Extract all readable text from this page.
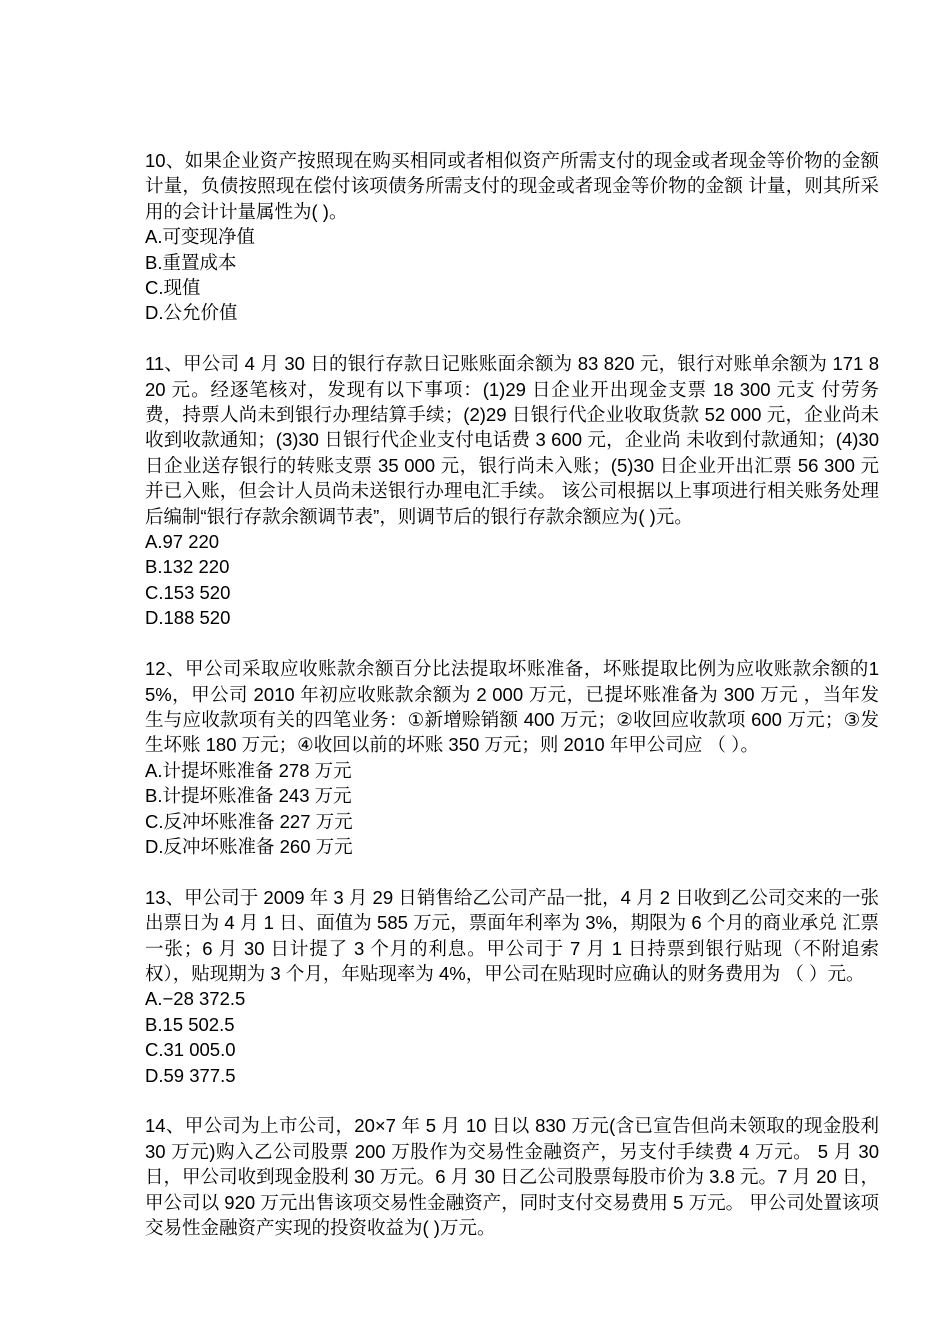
10、如果企业资产按照现在购买相同或者相似资产所需支付的现金或者现金等价物的金额计量，负债按照现在偿付该项债务所需支付的现金或者现金等价物的金额 计量，则其所采用的会计计量属性为( )。

A.可变现净值

B.重置成本

C.现值

D.公允价值

11、甲公司 4 月 30 日的银行存款日记账账面余额为 83 820 元，银行对账单余额为 171 820 元。经逐笔核对，发现有以下事项：(1)29 日企业开出现金支票 18 300 元支 付劳务费，持票人尚未到银行办理结算手续；(2)29 日银行代企业收取货款 52 000 元，企业尚未收到收款通知；(3)30 日银行代企业支付电话费 3 600 元，企业尚 未收到付款通知；(4)30 日企业送存银行的转账支票 35 000 元，银行尚未入账；(5)30 日企业开出汇票 56 300 元并已入账，但会计人员尚未送银行办理电汇手续。 该公司根据以上事项进行相关账务处理后编制“银行存款余额调节表”，则调节后的银行存款余额应为( )元。

A.97 220

B.132 220

C.153 520

D.188 520

12、甲公司采取应收账款余额百分比法提取坏账准备，坏账提取比例为应收账款余额的15%，甲公司 2010 年初应收账款余额为 2 000 万元，已提坏账准备为 300 万元 ，当年发生与应收款项有关的四笔业务：①新增赊销额 400 万元；②收回应收款项 600 万元；③发生坏账 180 万元；④收回以前的坏账 350 万元；则 2010 年甲公司应 （ ）。

A.计提坏账准备 278 万元

B.计提坏账准备 243 万元

C.反冲坏账准备 227 万元

D.反冲坏账准备 260 万元

13、甲公司于 2009 年 3 月 29 日销售给乙公司产品一批，4 月 2 日收到乙公司交来的一张出票日为 4 月 1 日、面值为 585 万元，票面年利率为 3%，期限为 6 个月的商业承兑 汇票一张；6 月 30 日计提了 3 个月的利息。甲公司于 7 月 1 日持票到银行贴现（不附追索权），贴现期为 3 个月，年贴现率为 4%，甲公司在贴现时应确认的财务费用为 （ ）元。

A.−28 372.5

B.15 502.5

C.31 005.0

D.59 377.5

14、甲公司为上市公司，20×7 年 5 月 10 日以 830 万元(含已宣告但尚未领取的现金股利 30 万元)购入乙公司股票 200 万股作为交易性金融资产，另支付手续费 4 万元。 5 月 30 日，甲公司收到现金股利 30 万元。6 月 30 日乙公司股票每股市价为 3.8 元。7 月 20 日，甲公司以 920 万元出售该项交易性金融资产，同时支付交易费用 5 万元。 甲公司处置该项交易性金融资产实现的投资收益为( )万元。
